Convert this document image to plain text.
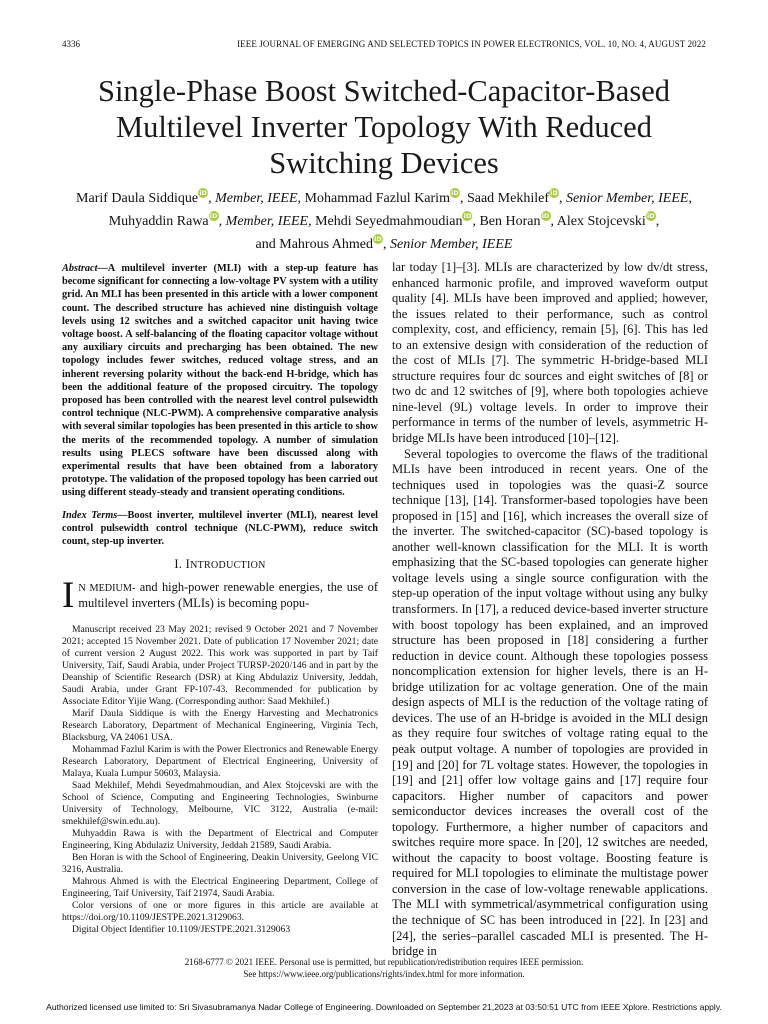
4336	IEEE JOURNAL OF EMERGING AND SELECTED TOPICS IN POWER ELECTRONICS, VOL. 10, NO. 4, AUGUST 2022
Single-Phase Boost Switched-Capacitor-Based Multilevel Inverter Topology With Reduced Switching Devices
Marif Daula SiddiqueiD, Member, IEEE, Mohammad Fazlul KarimiD, Saad MekhilefiD, Senior Member, IEEE,
Muhyaddin RawaiD, Member, IEEE, Mehdi SeyedmahmoudianiD, Ben HoraniD, Alex StojcevskiiD,
and Mahrous AhmediD, Senior Member, IEEE
Abstract—A multilevel inverter (MLI) with a step-up feature has become significant for connecting a low-voltage PV system with a utility grid. An MLI has been presented in this article with a lower component count. The described structure has achieved nine distinguish voltage levels using 12 switches and a switched capacitor unit having twice voltage boost. A self-balancing of the floating capacitor voltage without any auxiliary circuits and precharging has been obtained. The new topology includes fewer switches, reduced voltage stress, and an inherent reversing polarity without the back-end H-bridge, which has been the additional feature of the proposed circuitry. The topology proposed has been controlled with the nearest level control pulsewidth control technique (NLC-PWM). A comprehensive comparative analysis with several similar topologies has been presented in this article to show the merits of the recommended topology. A number of simulation results using PLECS software have been discussed along with experimental results that have been obtained from a laboratory prototype. The validation of the proposed topology has been carried out using different steady-steady and transient operating conditions.
Index Terms—Boost inverter, multilevel inverter (MLI), nearest level control pulsewidth control technique (NLC-PWM), reduce switch count, step-up inverter.
I. INTRODUCTION
I N MEDIUM- and high-power renewable energies, the use of multilevel inverters (MLIs) is becoming popu-

Manuscript received 23 May 2021; revised 9 October 2021 and 7 November 2021; accepted 15 November 2021. Date of publication 17 November 2021; date of current version 2 August 2022. This work was supported in part by Taif University, Taif, Saudi Arabia, under Project TURSP-2020/146 and in part by the Deanship of Scientific Research (DSR) at King Abdulaziz University, Jeddah, Saudi Arabia, under Grant FP-107-43. Recommended for publication by Associate Editor Yijie Wang. (Corresponding author: Saad Mekhilef.)

Marif Daula Siddique is with the Energy Harvesting and Mechatronics Research Laboratory, Department of Mechanical Engineering, Virginia Tech, Blacksburg, VA 24061 USA.

Mohammad Fazlul Karim is with the Power Electronics and Renewable Energy Research Laboratory, Department of Electrical Engineering, University of Malaya, Kuala Lumpur 50603, Malaysia.

Saad Mekhilef, Mehdi Seyedmahmoudian, and Alex Stojcevski are with the School of Science, Computing and Engineering Technologies, Swinburne University of Technology, Melbourne, VIC 3122, Australia (e-mail: smekhilef@swin.edu.au).

Muhyaddin Rawa is with the Department of Electrical and Computer Engineering, King Abdulaziz University, Jeddah 21589, Saudi Arabia.

Ben Horan is with the School of Engineering, Deakin University, Geelong VIC 3216, Australia.

Mahrous Ahmed is with the Electrical Engineering Department, College of Engineering, Taif University, Taif 21974, Saudi Arabia.

Color versions of one or more figures in this article are available at https://doi.org/10.1109/JESTPE.2021.3129063.

Digital Object Identifier 10.1109/JESTPE.2021.3129063

lar today [1]–[3]. MLIs are characterized by low dv/dt stress, enhanced harmonic profile, and improved waveform output quality [4]. MLIs have been improved and applied; however, the issues related to their performance, such as control complexity, cost, and efficiency, remain [5], [6]. This has led to an extensive design with consideration of the reduction of the cost of MLIs [7]. The symmetric H-bridge-based MLI structure requires four dc sources and eight switches of [8] or two dc and 12 switches of [9], where both topologies achieve nine-level (9L) voltage levels. In order to improve their performance in terms of the number of levels, asymmetric H-bridge MLIs have been introduced [10]–[12].

Several topologies to overcome the flaws of the traditional MLIs have been introduced in recent years. One of the techniques used in topologies was the quasi-Z source technique [13], [14]. Transformer-based topologies have been proposed in [15] and [16], which increases the overall size of the inverter. The switched-capacitor (SC)-based topology is another well-known classification for the MLI. It is worth emphasizing that the SC-based topologies can generate higher voltage levels using a single source configuration with the step-up operation of the input voltage without using any bulky transformers. In [17], a reduced device-based inverter structure with boost topology has been explained, and an improved structure has been proposed in [18] considering a further reduction in device count. Although these topologies possess noncomplication extension for higher levels, there is an H-bridge utilization for ac voltage generation. One of the main design aspects of MLI is the reduction of the voltage rating of devices. The use of an H-bridge is avoided in the MLI design as they require four switches of voltage rating equal to the peak output voltage. A number of topologies are provided in [19] and [20] for 7L voltage states. However, the topologies in [19] and [21] offer low voltage gains and [17] require four capacitors. Higher number of capacitors and power semiconductor devices increases the overall cost of the topology. Furthermore, a higher number of capacitors and switches require more space. In [20], 12 switches are needed, without the capacity to boost voltage. Boosting feature is required for MLI topologies to eliminate the multistage power conversion in the case of low-voltage renewable applications. The MLI with symmetrical/asymmetrical configuration using the technique of SC has been introduced in [22]. In [23] and [24], the series–parallel cascaded MLI is presented. The H-bridge in

2168-6777 © 2021 IEEE. Personal use is permitted, but republication/redistribution requires IEEE permission.
See https://www.ieee.org/publications/rights/index.html for more information.
Authorized licensed use limited to: Sri Sivasubramanya Nadar College of Engineering. Downloaded on September 21,2023 at 03:50:51 UTC from IEEE Xplore. Restrictions apply.
